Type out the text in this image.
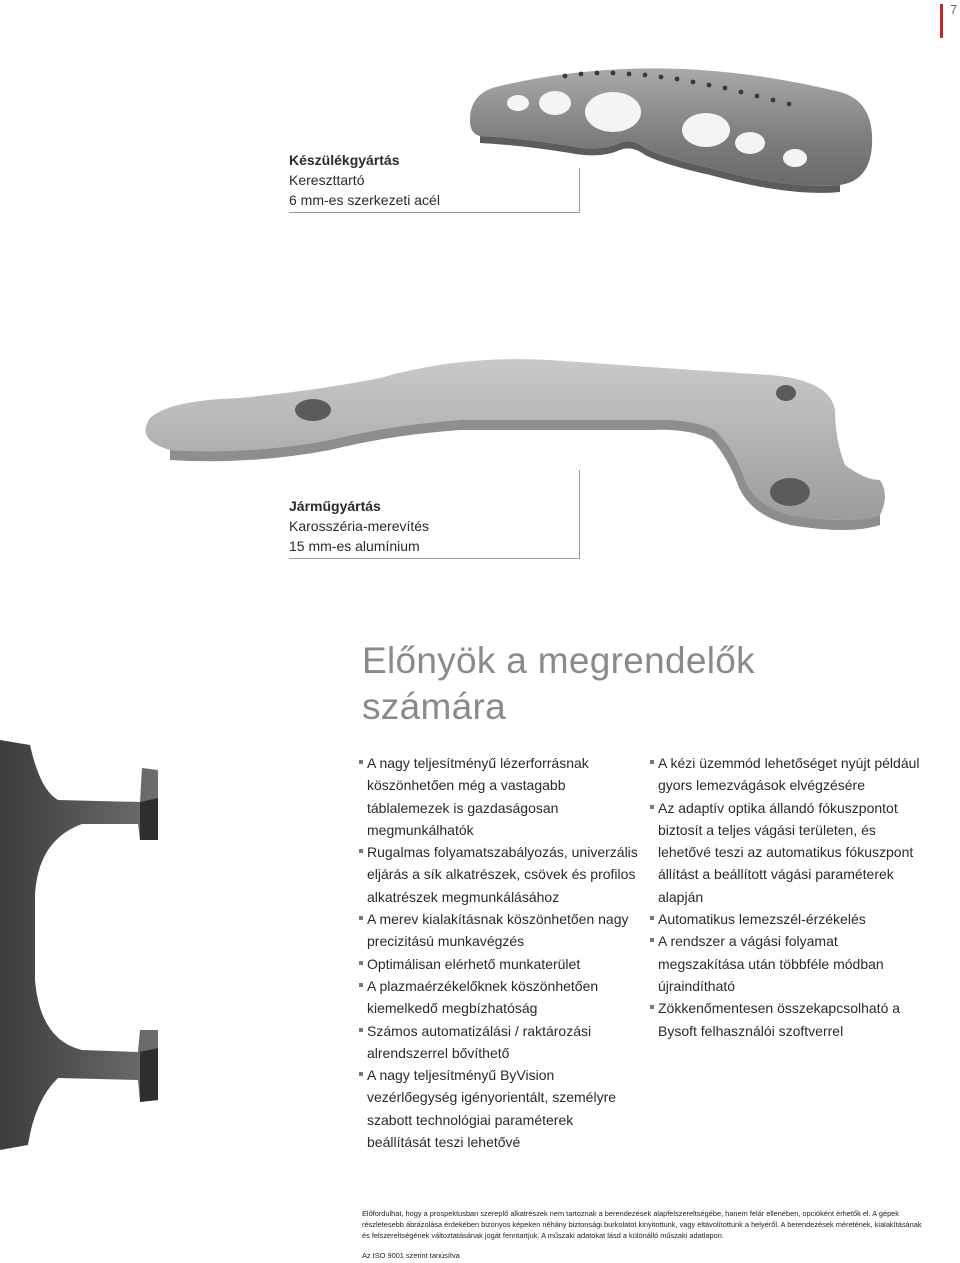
7
Készülékgyártás
Kereszttartó
6 mm-es szerkezeti acél
Járműgyártás
Karosszéria-merevítés
15 mm-es alumínium
Előnyök a megrendelők
számára
A nagy teljesítményű lézerforrásnak köszönhetően még a vastagabb táblalemezek is gazdaságosan megmunkálhatók
Rugalmas folyamatszabályozás, univerzális eljárás a sík alkatrészek, csövek és profilos alkatrészek megmunkálásához
A merev kialakításnak köszönhetően nagy precizitású munkavégzés
Optimálisan elérhető munkaterület
A plazmaérzékelőknek köszönhetően kiemelkedő megbízhatóság
Számos automatizálási / raktározási alrendszerrel bővíthető
A nagy teljesítményű ByVision vezérlőegység igényorientált, személyre szabott technológiai paraméterek beállítását teszi lehetővé
A kézi üzemmód lehetőséget nyújt például gyors lemezvágások elvégzésére
Az adaptív optika állandó fókuszpontot biztosít a teljes vágási területen, és lehetővé teszi az automatikus fókuszpont állítást a beállított vágási paraméterek alapján
Automatikus lemezszél-érzékelés
A rendszer a vágási folyamat megszakítása után többféle módban újraindítható
Zökkenőmentesen összekapcsolható a Bysoft felhasználói szoftverrel
Előfordulhat, hogy a prospektusban szereplő alkatrészek nem tartoznak a berendezések alapfelszereltségébe, hanem felár ellenében, opcióként érhetők el. A gépek részletesebb ábrázolása érdekében bizonyos képeken néhány biztonsági burkolatot kinyitottunk, vagy eltávolítottunk a helyéről. A berendezések méretének, kialakításának és felszereltségének változtatásának jogát fenntartjuk. A műszaki adatokat lásd a különálló műszaki adatlapon.
Az ISO 9001 szerint tanúsítva
